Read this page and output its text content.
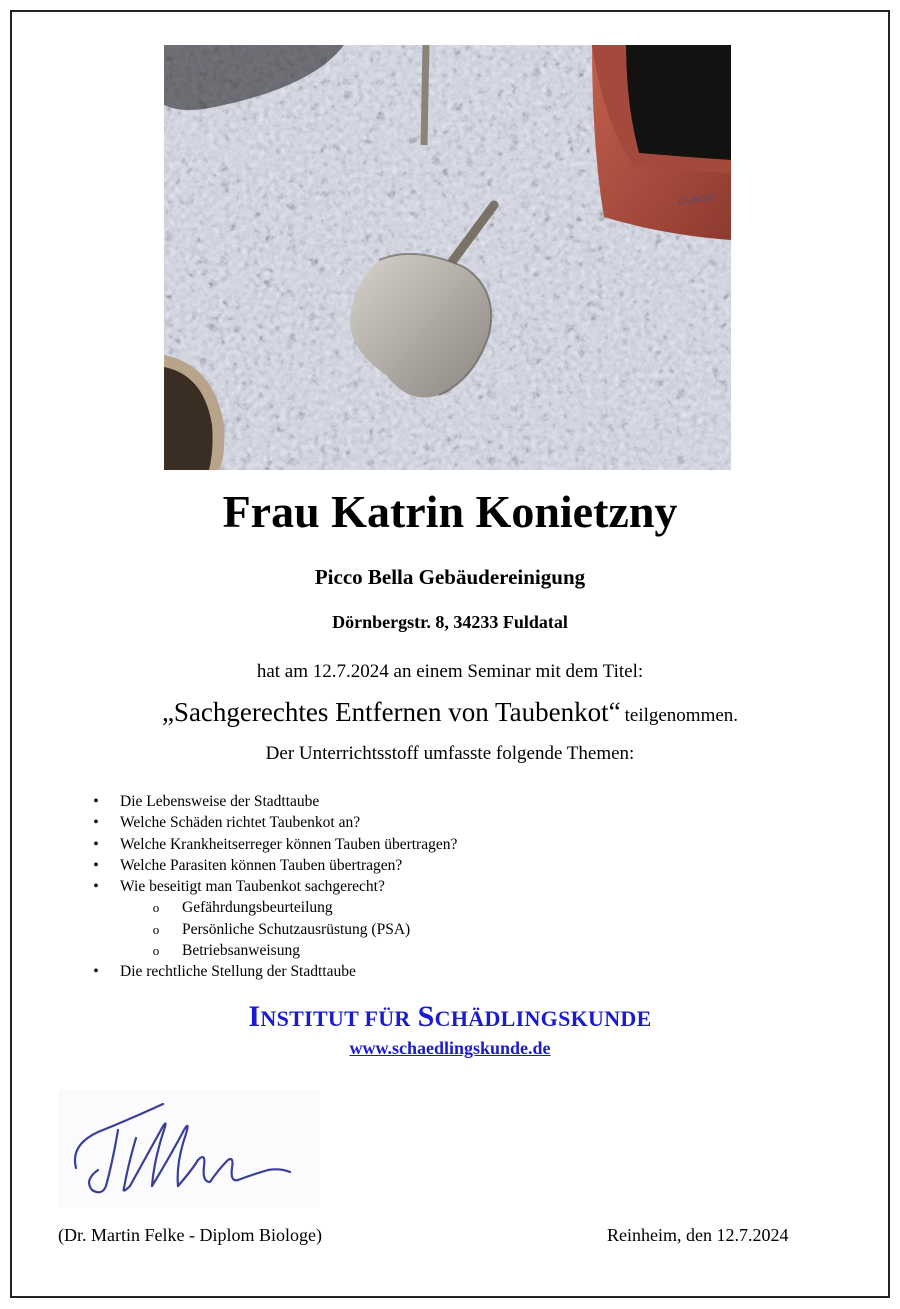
GUNSO
Frau Katrin Konietzny
Picco Bella Gebäudereinigung
Dörnbergstr. 8, 34233 Fuldatal
hat am 12.7.2024 an einem Seminar mit dem Titel:
„Sachgerechtes Entfernen von Taubenkot“ teilgenommen.
Der Unterrichtsstoff umfasste folgende Themen:
• Die Lebensweise der Stadttaube
• Welche Schäden richtet Taubenkot an?
• Welche Krankheitserreger können Tauben übertragen?
• Welche Parasiten können Tauben übertragen?
• Wie beseitigt man Taubenkot sachgerecht?
o Gefährdungsbeurteilung
o Persönliche Schutzausrüstung (PSA)
o Betriebsanweisung
• Die rechtliche Stellung der Stadttaube
INSTITUT FÜR SCHÄDLINGSKUNDE
www.schaedlingskunde.de
(Dr. Martin Felke - Diplom Biologe)	Reinheim, den 12.7.2024
